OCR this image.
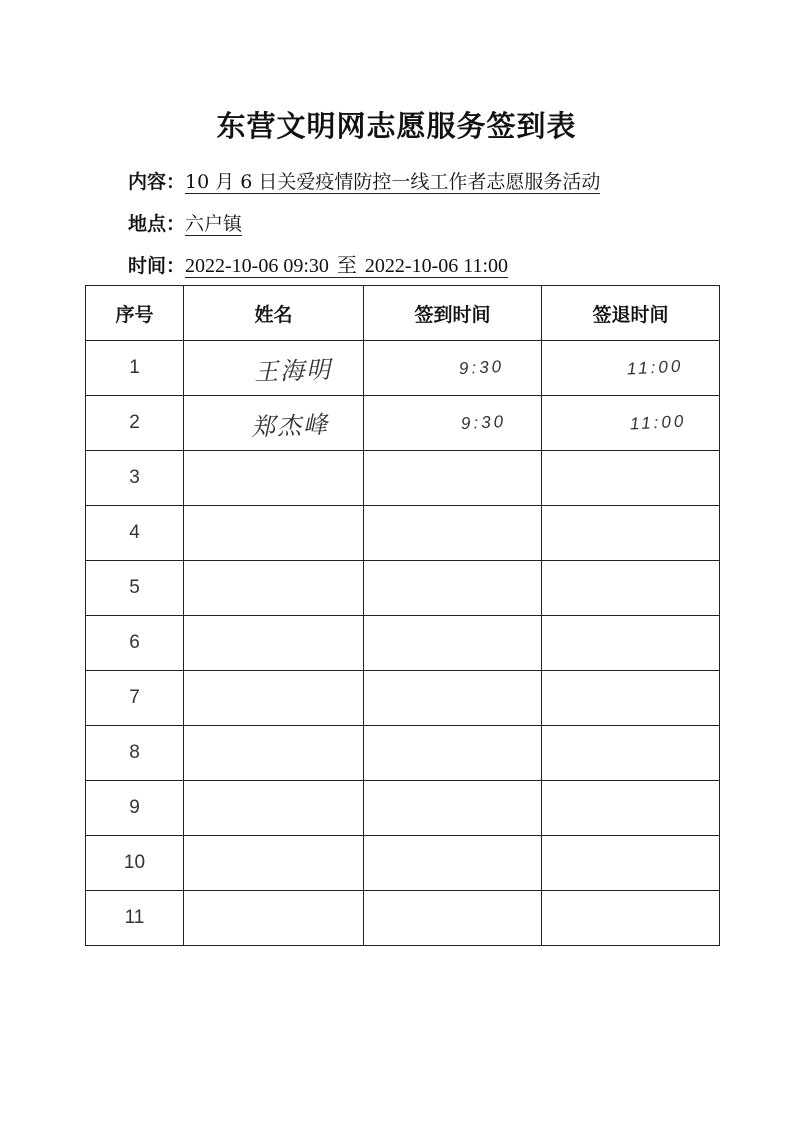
东营文明网志愿服务签到表
内容：10 月 6 日关爱疫情防控一线工作者志愿服务活动
地点：六户镇
时间：2022-10-06 09:30 至 2022-10-06 11:00
序号	姓名	签到时间	签退时间
1	王海明	9:30	11:00
2	郑杰峰	9:30	11:00
3			
4			
5			
6			
7			
8			
9			
10			
11			
